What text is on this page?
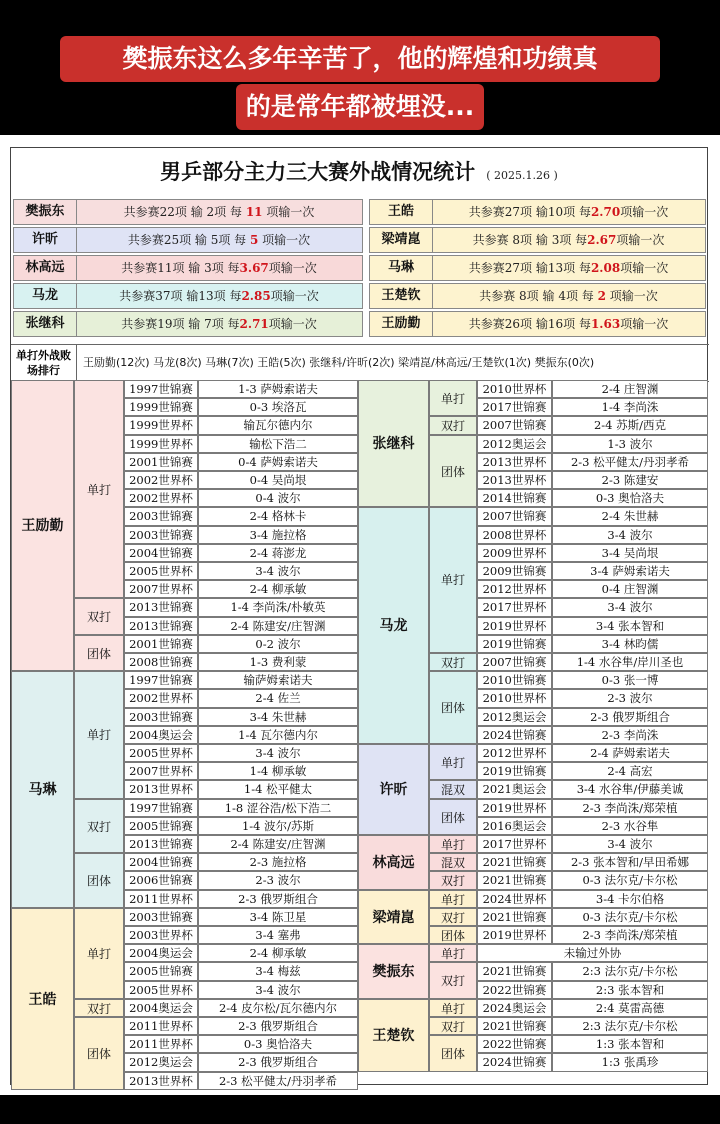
樊振东这么多年辛苦了，他的辉煌和功绩真
的是常年都被埋没...
男乒部分主力三大赛外战情况统计 ( 2025.1.26 )
樊振东	共参赛22项 输 2项 每 11 项输一次
许昕	共参赛25项 输 5项 每 5 项输一次
林高远	共参赛11项 输 3项 每3.67项输一次
马龙	共参赛37项 输13项 每2.85项输一次
张继科	共参赛19项 输 7项 每2.71项输一次
王皓	共参赛27项 输10项 每2.70项输一次
梁靖崑	共参赛 8项 输 3项 每2.67项输一次
马琳	共参赛27项 输13项 每2.08项输一次
王楚钦	共参赛 8项 输 4项 每 2 项输一次
王励勤	共参赛26项 输16项 每1.63项输一次
单打外战败场排行
王励勤(12次) 马龙(8次) 马琳(7次) 王皓(5次) 张继科/许昕(2次) 梁靖崑/林高远/王楚钦(1次) 樊振东(0次)
王励勤
单打
1997世锦赛	1-3 萨姆索诺夫
1999世锦赛	0-3 埃洛瓦
1999世界杯	输瓦尔德内尔
1999世界杯	输松下浩二
2001世锦赛	0-4 萨姆索诺夫
2002世界杯	0-4 吴尚垠
2002世界杯	0-4 波尔
2003世锦赛	2-4 格林卡
2003世锦赛	3-4 施拉格
2004世锦赛	2-4 蒋澎龙
2005世界杯	3-4 波尔
2007世界杯	2-4 柳承敏
双打
2013世锦赛	1-4 李尚洙/朴敏英
2013世锦赛	2-4 陈建安/庄智渊
团体
2001世锦赛	0-2 波尔
2008世锦赛	1-3 费利蒙
马琳
单打
1997世锦赛	输萨姆索诺夫
2002世界杯	2-4 佐兰
2003世锦赛	3-4 朱世赫
2004奥运会	1-4 瓦尔德内尔
2005世界杯	3-4 波尔
2007世界杯	1-4 柳承敏
2013世界杯	1-4 松平健太
双打
1997世锦赛	1-8 涩谷浩/松下浩二
2005世锦赛	1-4 波尔/苏斯
2013世锦赛	2-4 陈建安/庄智渊
团体
2004世锦赛	2-3 施拉格
2006世锦赛	2-3 波尔
2011世界杯	2-3 俄罗斯组合
王皓
单打
2003世锦赛	3-4 陈卫星
2003世界杯	3-4 塞弗
2004奥运会	2-4 柳承敏
2005世锦赛	3-4 梅兹
2005世界杯	3-4 波尔
双打	2004奥运会	2-4 皮尔松/瓦尔德内尔
团体
2011世界杯	2-3 俄罗斯组合
2011世界杯	0-3 奥恰洛夫
2012奥运会	2-3 俄罗斯组合
2013世界杯	2-3 松平健太/丹羽孝希
张继科
单打
2010世界杯	2-4 庄智渊
2017世锦赛	1-4 李尚洙
双打	2007世锦赛	2-4 苏斯/西克
团体
2012奥运会	1-3 波尔
2013世界杯	2-3 松平健太/丹羽孝希
2013世界杯	2-3 陈建安
2014世锦赛	0-3 奥恰洛夫
马龙
单打
2007世锦赛	2-4 朱世赫
2008世界杯	3-4 波尔
2009世界杯	3-4 吴尚垠
2009世锦赛	3-4 萨姆索诺夫
2012世界杯	0-4 庄智渊
2017世界杯	3-4 波尔
2019世界杯	3-4 张本智和
2019世锦赛	3-4 林昀儒
双打	2007世锦赛	1-4 水谷隼/岸川圣也
团体
2010世锦赛	0-3 张一博
2010世界杯	2-3 波尔
2012奥运会	2-3 俄罗斯组合
2024世锦赛	2-3 李尚洙
许昕
单打
2012世界杯	2-4 萨姆索诺夫
2019世锦赛	2-4 高宏
混双	2021奥运会	3-4 水谷隼/伊藤美诚
团体
2019世界杯	2-3 李尚洙/郑荣植
2016奥运会	2-3 水谷隼
林高远
单打	2017世界杯	3-4 波尔
混双	2021世锦赛	2-3 张本智和/早田希娜
双打	2021世锦赛	0-3 法尔克/卡尔松
梁靖崑
单打	2024世界杯	3-4 卡尔伯格
双打	2021世锦赛	0-3 法尔克/卡尔松
团体	2019世界杯	2-3 李尚洙/郑荣植
樊振东
单打	未输过外协
双打
2021世锦赛	2:3 法尔克/卡尔松
2022世锦赛	2:3 张本智和
王楚钦
单打	2024奥运会	2:4 莫雷高德
双打	2021世锦赛	2:3 法尔克/卡尔松
团体
2022世锦赛	1:3 张本智和
2024世锦赛	1:3 张禹珍
